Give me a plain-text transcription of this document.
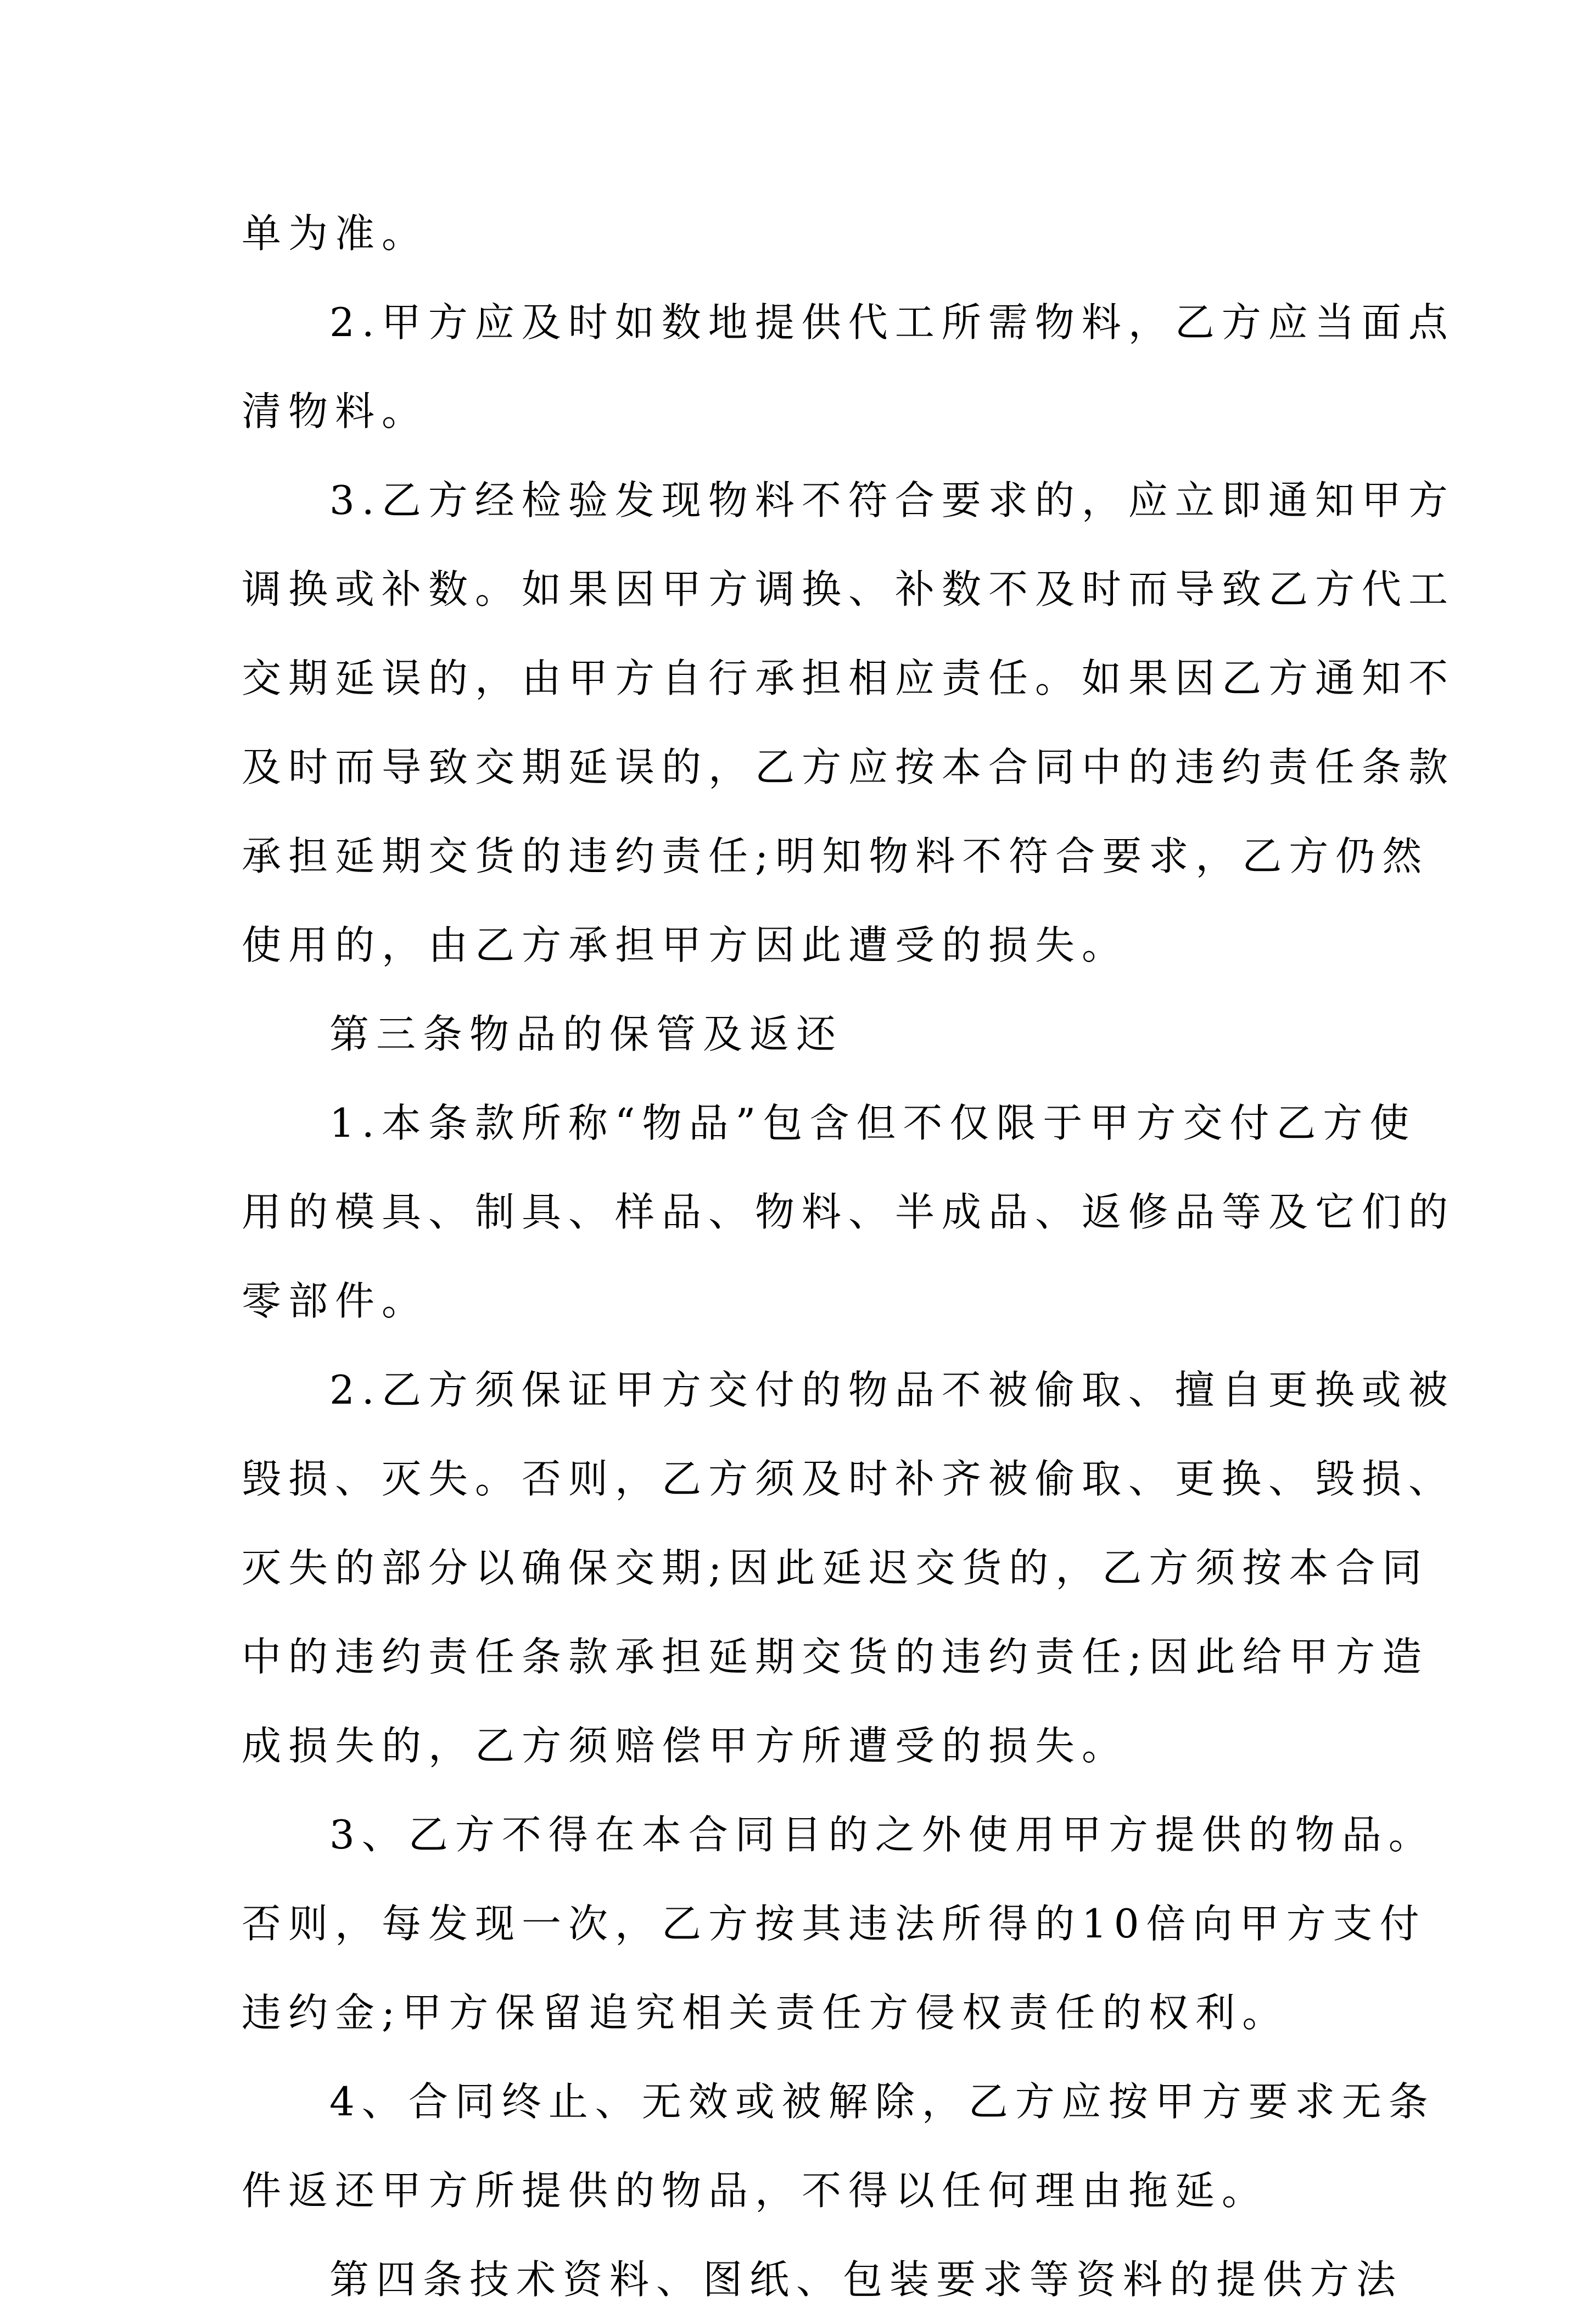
单为准。
2.甲方应及时如数地提供代工所需物料，乙方应当面点
清物料。
3.乙方经检验发现物料不符合要求的，应立即通知甲方
调换或补数。如果因甲方调换、补数不及时而导致乙方代工
交期延误的，由甲方自行承担相应责任。如果因乙方通知不
及时而导致交期延误的，乙方应按本合同中的违约责任条款
承担延期交货的违约责任;明知物料不符合要求，乙方仍然
使用的，由乙方承担甲方因此遭受的损失。
第三条物品的保管及返还
1.本条款所称“物品”包含但不仅限于甲方交付乙方使
用的模具、制具、样品、物料、半成品、返修品等及它们的
零部件。
2.乙方须保证甲方交付的物品不被偷取、擅自更换或被
毁损、灭失。否则，乙方须及时补齐被偷取、更换、毁损、
灭失的部分以确保交期;因此延迟交货的，乙方须按本合同
中的违约责任条款承担延期交货的违约责任;因此给甲方造
成损失的，乙方须赔偿甲方所遭受的损失。
3、乙方不得在本合同目的之外使用甲方提供的物品。
否则，每发现一次，乙方按其违法所得的10倍向甲方支付
违约金;甲方保留追究相关责任方侵权责任的权利。
4、合同终止、无效或被解除，乙方应按甲方要求无条
件返还甲方所提供的物品，不得以任何理由拖延。
第四条技术资料、图纸、包装要求等资料的提供方法
